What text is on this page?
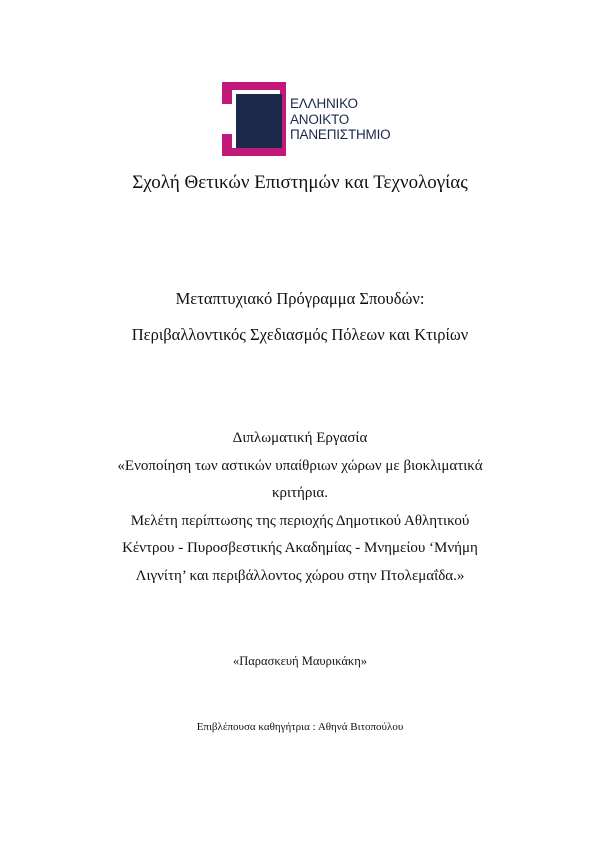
ΕΛΛΗΝΙΚΟ
ΑΝΟΙΚΤΟ
ΠΑΝΕΠΙΣΤΗΜΙΟ
Σχολή Θετικών Επιστημών και Τεχνολογίας
Μεταπτυχιακό Πρόγραμμα Σπουδών:
Περιβαλλοντικός Σχεδιασμός Πόλεων και Κτιρίων
Διπλωματική Εργασία
«Ενοποίηση των αστικών υπαίθριων χώρων με βιοκλιματικά
κριτήρια.
Μελέτη περίπτωσης της περιοχής Δημοτικού Αθλητικού
Κέντρου - Πυροσβεστικής Ακαδημίας - Μνημείου ‘Μνήμη
Λιγνίτη’ και περιβάλλοντος χώρου στην Πτολεμαΐδα.»
«Παρασκευή Μαυρικάκη»
Επιβλέπουσα καθηγήτρια : Αθηνά Βιτοπούλου
